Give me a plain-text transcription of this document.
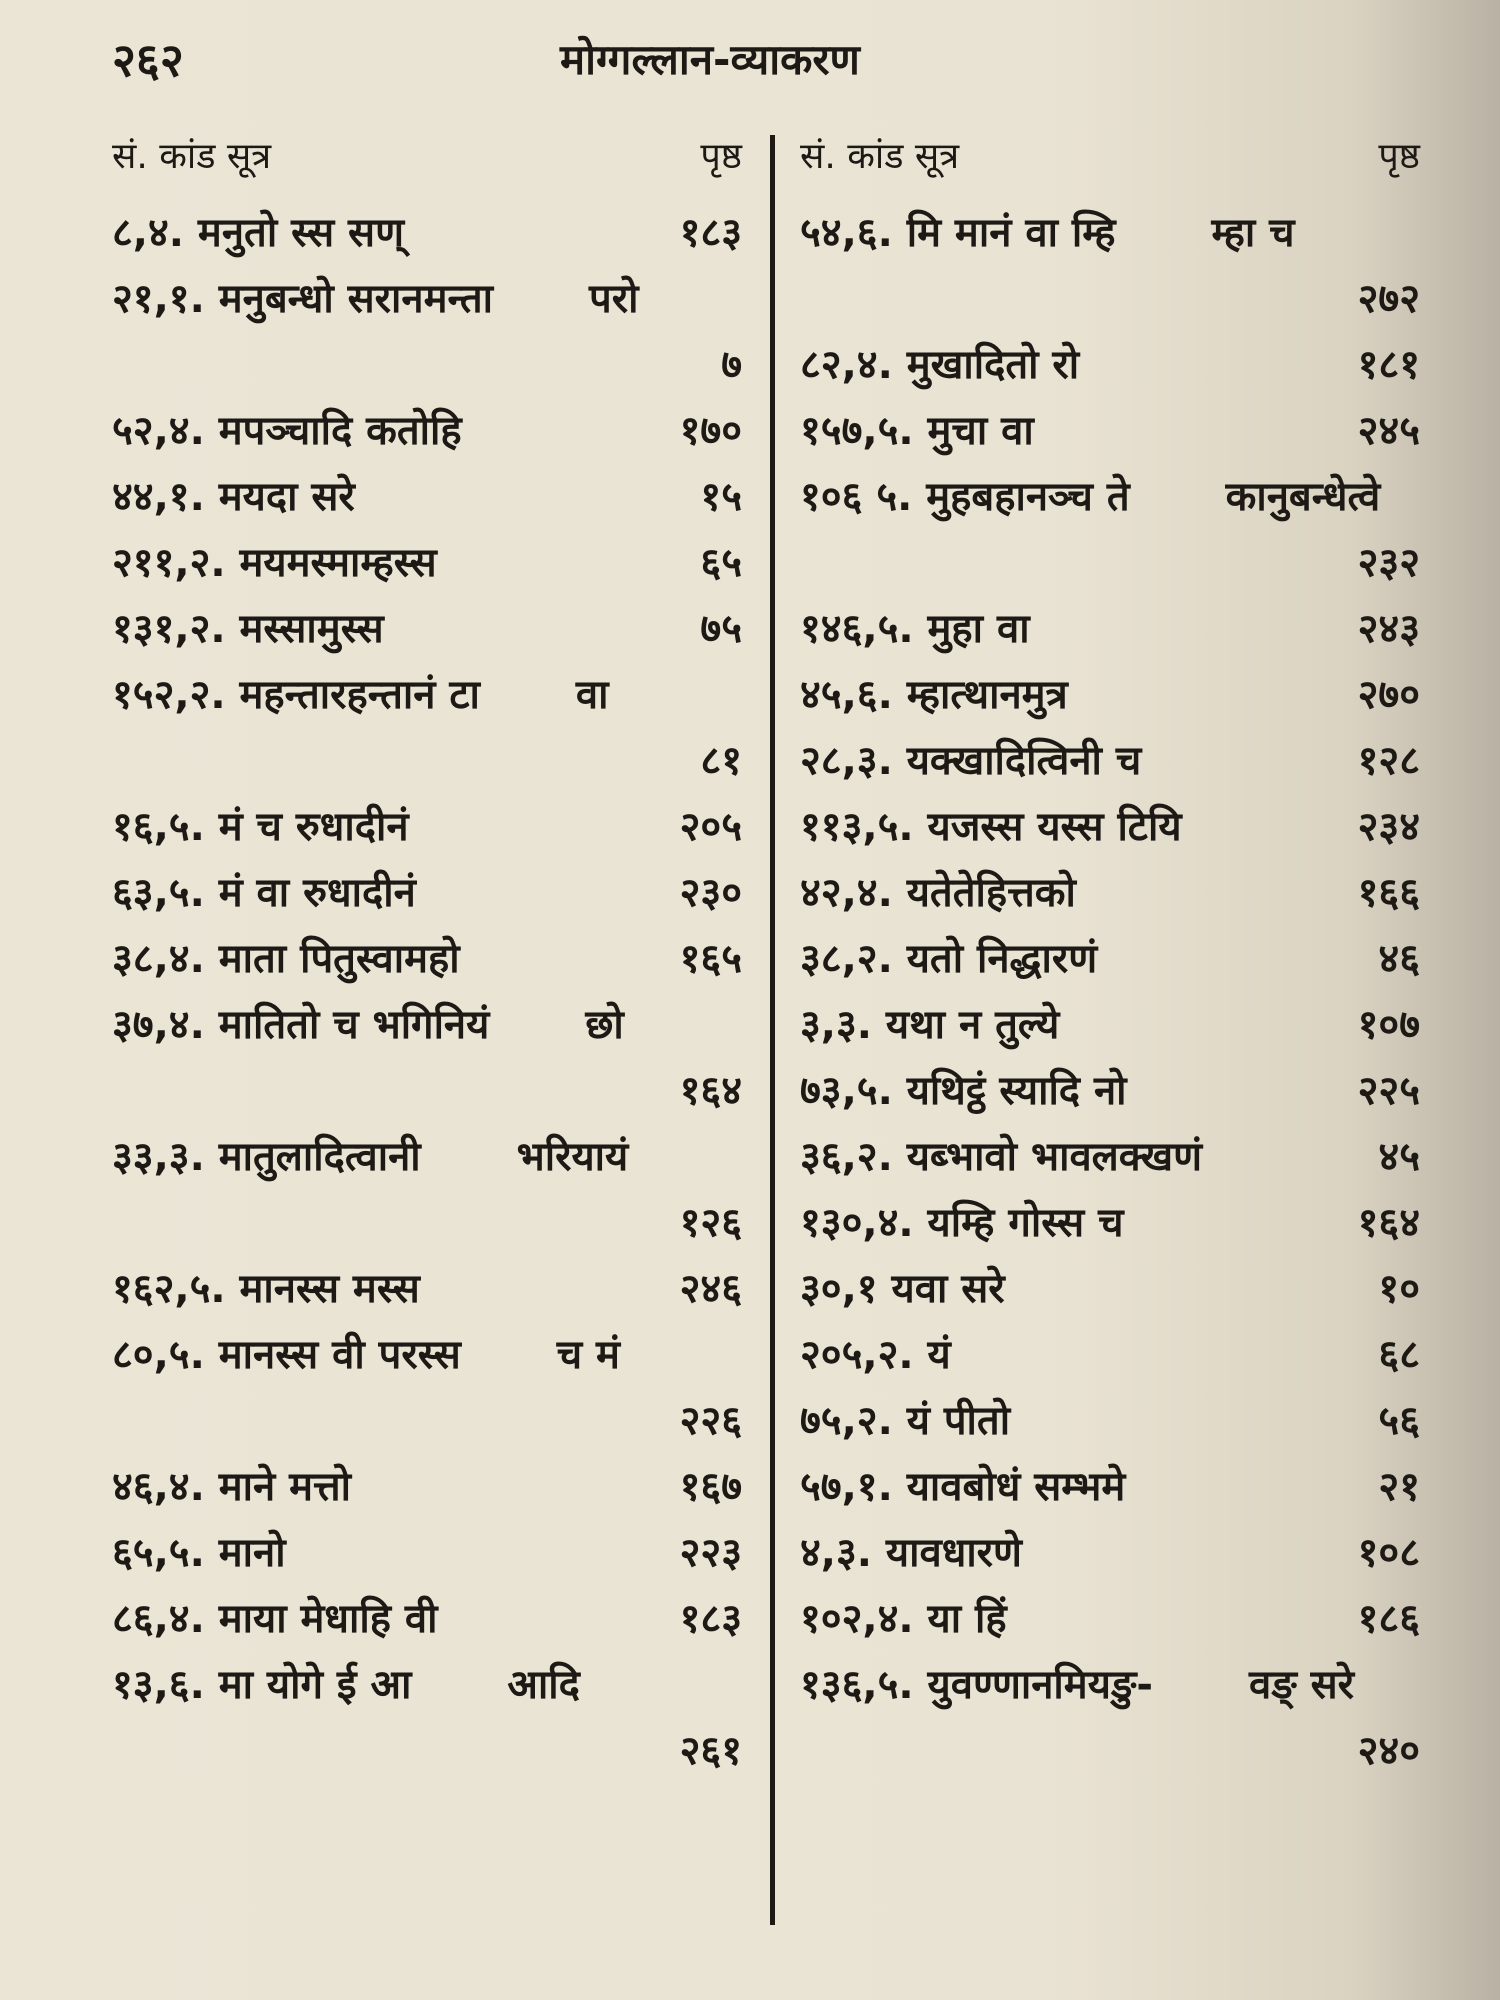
२६२	मोग्गल्लान-व्याकरण
सं. कांड सूत्र	पृष्ठ
८,४. मनुतो स्स सण्	१८३
२१,१. मनुबन्धो सरानमन्ता परो
७
५२,४. मपञ्चादि कतोहि	१७०
४४,१. मयदा सरे	१५
२११,२. मयमस्माम्हस्स	६५
१३१,२. मस्सामुस्स	७५
१५२,२. महन्तारहन्तानं टा वा
८१
१६,५. मं च रुधादीनं	२०५
६३,५. मं वा रुधादीनं	२३०
३८,४. माता पितुस्वामहो	१६५
३७,४. मातितो च भगिनियं छो
१६४
३३,३. मातुलादित्वानी भरियायं
१२६
१६२,५. मानस्स मस्स	२४६
८०,५. मानस्स वी परस्स च मं
२२६
४६,४. माने मत्तो	१६७
६५,५. मानो	२२३
८६,४. माया मेधाहि वी	१८३
१३,६. मा योगे ई आ आदि
२६१
सं. कांड सूत्र	पृष्ठ
५४,६. मि मानं वा म्हि म्हा च
२७२
८२,४. मुखादितो रो	१८१
१५७,५. मुचा वा	२४५
१०६ ५. मुहबहानञ्च ते कानुबन्धेत्वे
२३२
१४६,५. मुहा वा	२४३
४५,६. म्हात्थानमुत्र	२७०
२८,३. यक्खादित्विनी च	१२८
११३,५. यजस्स यस्स टियि	२३४
४२,४. यतेतेहित्तको	१६६
३८,२. यतो निद्धारणं	४६
३,३. यथा न तुल्ये	१०७
७३,५. यथिट्ठं स्यादि नो	२२५
३६,२. यब्भावो भावलक्खणं	४५
१३०,४. यम्हि गोस्स च	१६४
३०,१ यवा सरे	१०
२०५,२. यं	६८
७५,२. यं पीतो	५६
५७,१. यावबोधं सम्भमे	२१
४,३. यावधारणे	१०८
१०२,४. या हिं	१८६
१३६,५. युवण्णानमियङु- वङ् सरे
२४०
